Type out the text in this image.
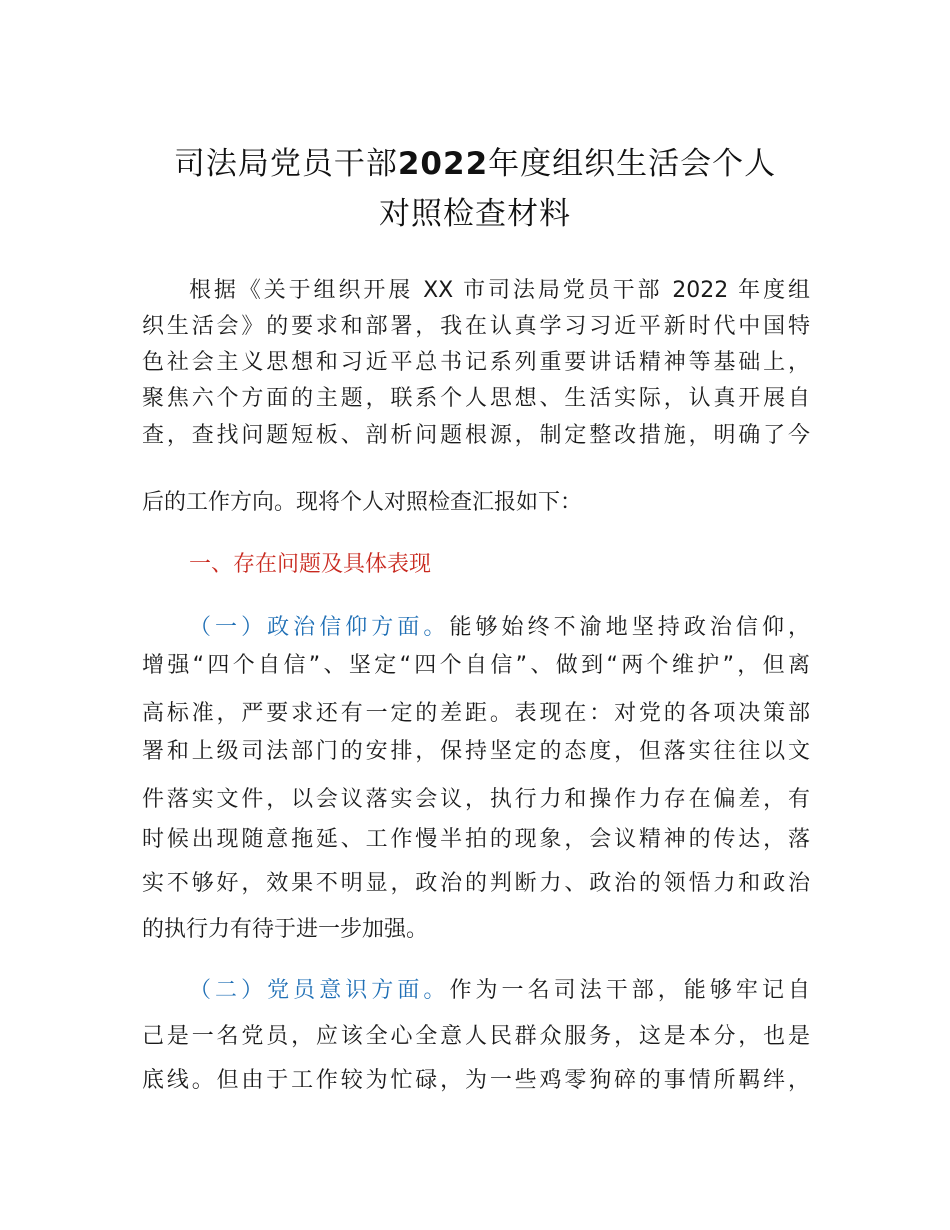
司法局党员干部2022年度组织生活会个人
对照检查材料
根据《关于组织开展 XX 市司法局党员干部 2022 年度组
织生活会》的要求和部署，我在认真学习习近平新时代中国特
色社会主义思想和习近平总书记系列重要讲话精神等基础上，
聚焦六个方面的主题，联系个人思想、生活实际，认真开展自
查，查找问题短板、剖析问题根源，制定整改措施，明确了今
后的工作方向。现将个人对照检查汇报如下：
一、存在问题及具体表现
（一）政治信仰方面。能够始终不渝地坚持政治信仰，
增强“四个自信”、坚定“四个自信”、做到“两个维护”，但离
高标准，严要求还有一定的差距。表现在：对党的各项决策部
署和上级司法部门的安排，保持坚定的态度，但落实往往以文
件落实文件，以会议落实会议，执行力和操作力存在偏差，有
时候出现随意拖延、工作慢半拍的现象，会议精神的传达，落
实不够好，效果不明显，政治的判断力、政治的领悟力和政治
的执行力有待于进一步加强。
（二）党员意识方面。作为一名司法干部，能够牢记自
己是一名党员，应该全心全意人民群众服务，这是本分，也是
底线。但由于工作较为忙碌，为一些鸡零狗碎的事情所羁绊，
